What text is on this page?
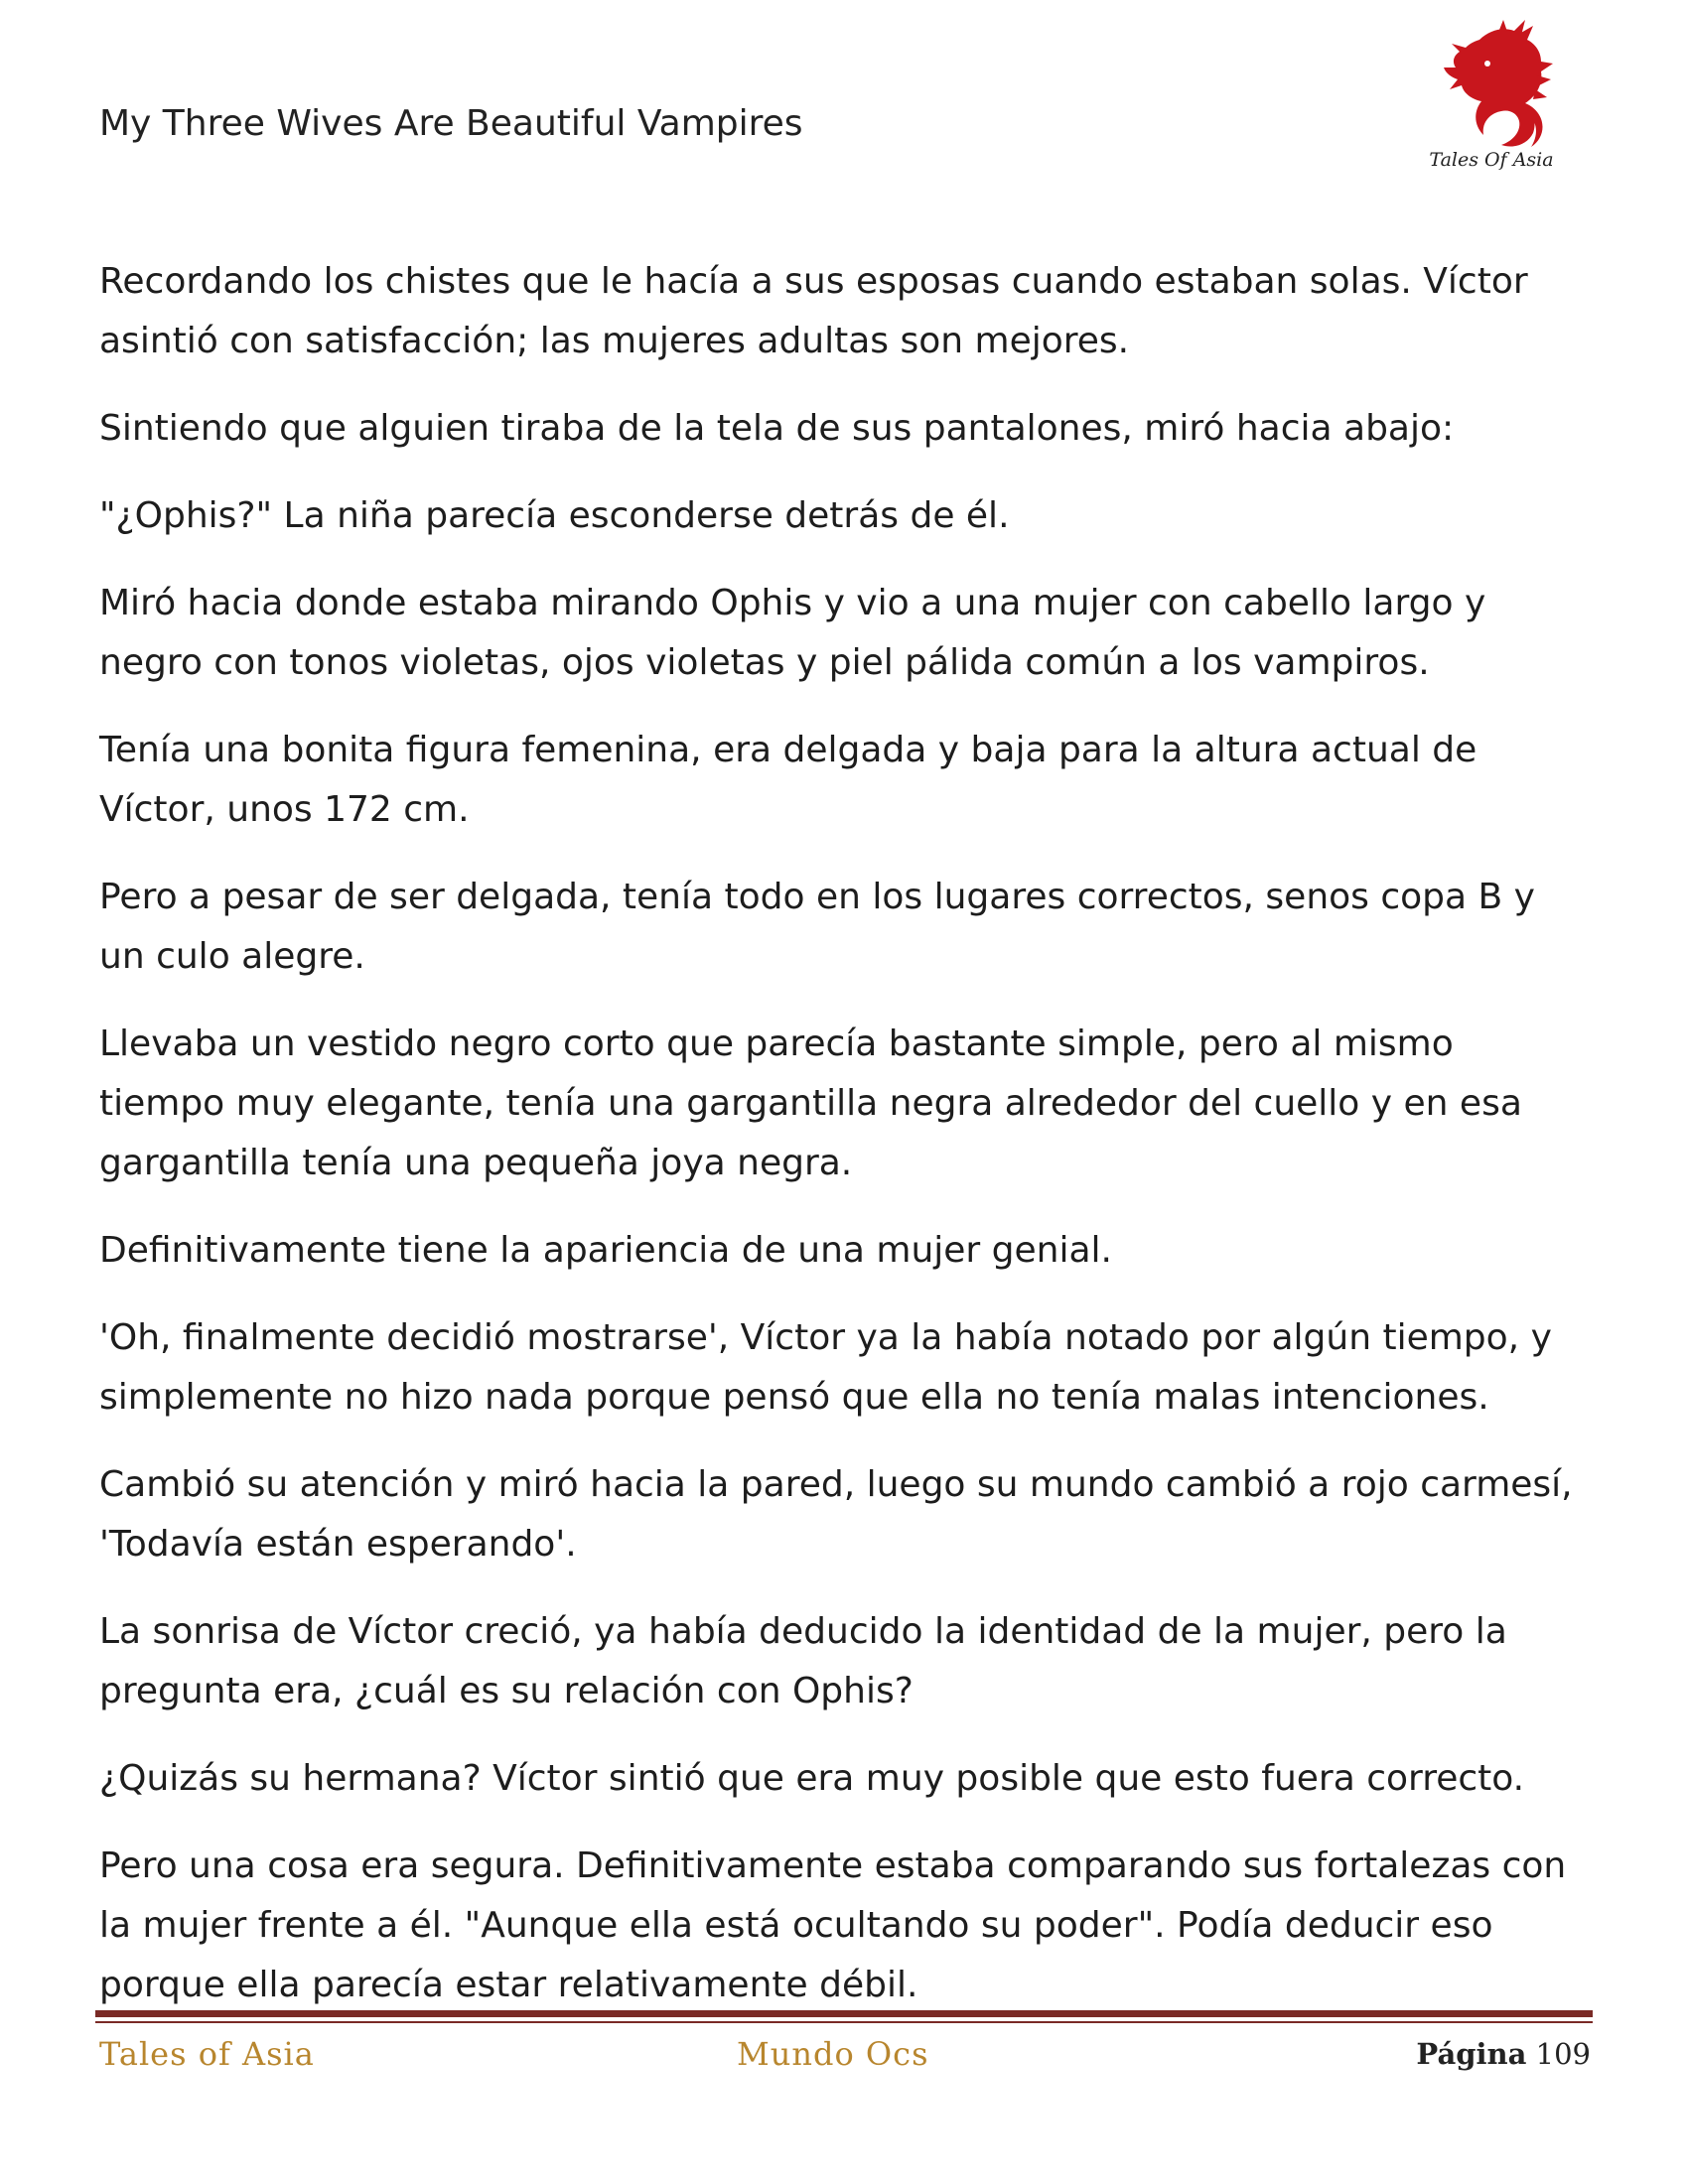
My Three Wives Are Beautiful Vampires
Tales Of Asia

Recordando los chistes que le hacía a sus esposas cuando estaban solas. Víctor asintió con satisfacción; las mujeres adultas son mejores.

Sintiendo que alguien tiraba de la tela de sus pantalones, miró hacia abajo:

"¿Ophis?" La niña parecía esconderse detrás de él.

Miró hacia donde estaba mirando Ophis y vio a una mujer con cabello largo y negro con tonos violetas, ojos violetas y piel pálida común a los vampiros.

Tenía una bonita figura femenina, era delgada y baja para la altura actual de Víctor, unos 172 cm.

Pero a pesar de ser delgada, tenía todo en los lugares correctos, senos copa B y un culo alegre.

Llevaba un vestido negro corto que parecía bastante simple, pero al mismo tiempo muy elegante, tenía una gargantilla negra alrededor del cuello y en esa gargantilla tenía una pequeña joya negra.

Definitivamente tiene la apariencia de una mujer genial.

'Oh, finalmente decidió mostrarse', Víctor ya la había notado por algún tiempo, y simplemente no hizo nada porque pensó que ella no tenía malas intenciones.

Cambió su atención y miró hacia la pared, luego su mundo cambió a rojo carmesí, 'Todavía están esperando'.

La sonrisa de Víctor creció, ya había deducido la identidad de la mujer, pero la pregunta era, ¿cuál es su relación con Ophis?

¿Quizás su hermana? Víctor sintió que era muy posible que esto fuera correcto.

Pero una cosa era segura. Definitivamente estaba comparando sus fortalezas con la mujer frente a él. "Aunque ella está ocultando su poder". Podía deducir eso porque ella parecía estar relativamente débil.

Tales of Asia	Mundo Ocs	Página 109
